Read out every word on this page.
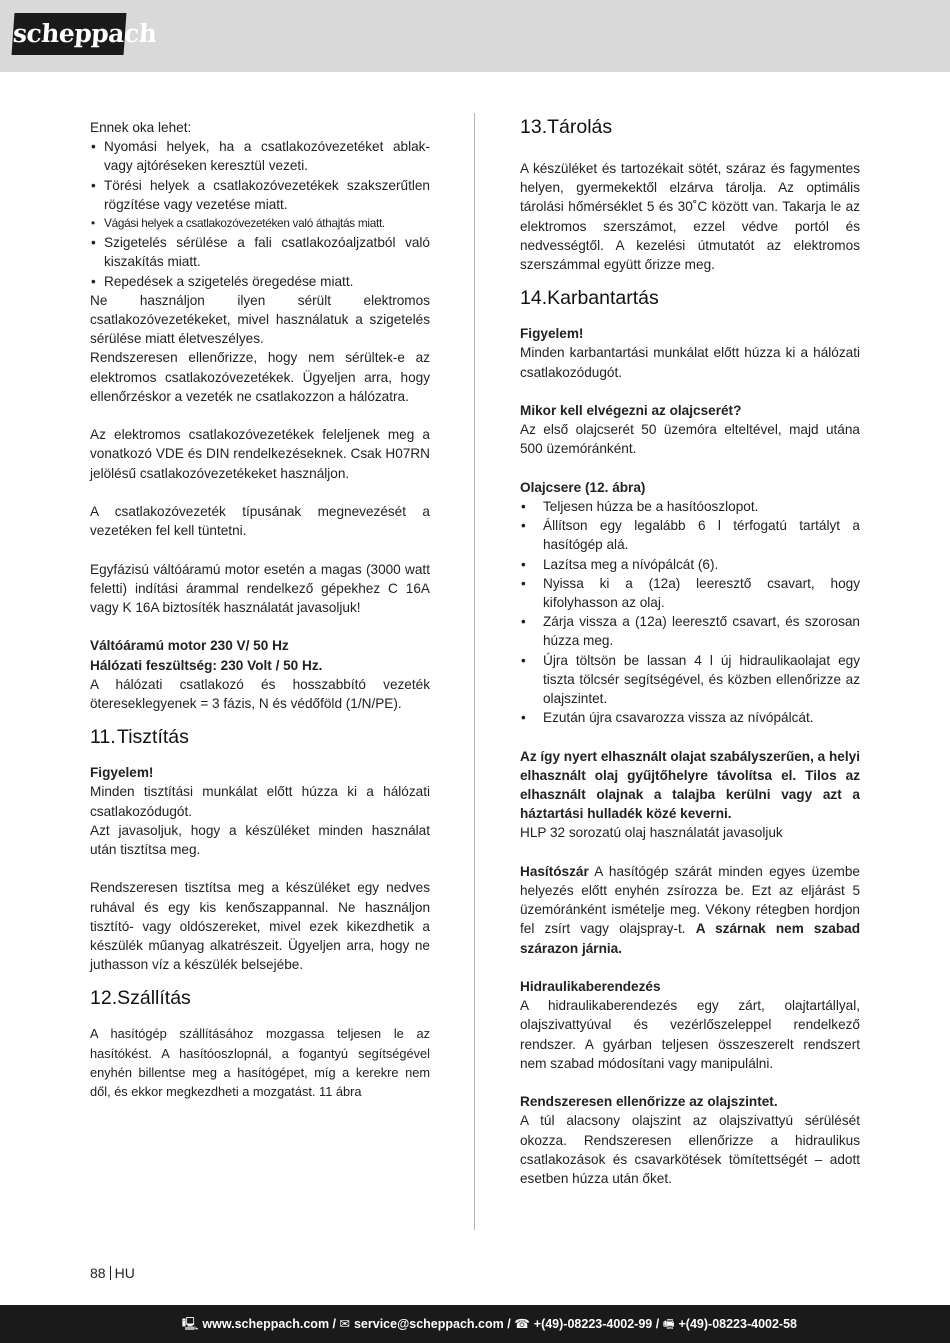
scheppach

Ennek oka lehet:

• Nyomási helyek, ha a csatlakozóvezetéket ablak- vagy ajtóréseken keresztül vezeti.
• Törési helyek a csatlakozóvezetékek szakszerűtlen rögzítése vagy vezetése miatt.
• Vágási helyek a csatlakozóvezetéken való áthajtás miatt.
• Szigetelés sérülése a fali csatlakozóaljzatból való kiszakítás miatt.
• Repedések a szigetelés öregedése miatt.

Ne használjon ilyen sérült elektromos csatlakozóvezetékeket, mivel használatuk a szigetelés sérülése miatt életveszélyes.

Rendszeresen ellenőrizze, hogy nem sérültek-e az elektromos csatlakozóvezetékek. Ügyeljen arra, hogy ellenőrzéskor a vezeték ne csatlakozzon a hálózatra.

Az elektromos csatlakozóvezetékek feleljenek meg a vonatkozó VDE és DIN rendelkezéseknek. Csak H07RN jelölésű csatlakozóvezetékeket használjon.

A csatlakozóvezeték típusának megnevezését a vezetéken fel kell tüntetni.

Egyfázisú váltóáramú motor esetén a magas (3000 watt feletti) indítási árammal rendelkező gépekhez C 16A vagy K 16A biztosíték használatát javasoljuk!

Váltóáramú motor 230 V/ 50 Hz

Hálózati feszültség: 230 Volt / 50 Hz.

A hálózati csatlakozó és hosszabbító vezeték ötereseklegyenek = 3 fázis, N és védőföld (1/N/PE).

11.Tisztítás

Figyelem!

Minden tisztítási munkálat előtt húzza ki a hálózati csatlakozódugót.

Azt javasoljuk, hogy a készüléket minden használat után tisztítsa meg.

Rendszeresen tisztítsa meg a készüléket egy nedves ruhával és egy kis kenőszappannal. Ne használjon tisztító- vagy oldószereket, mivel ezek kikezdhetik a készülék műanyag alkatrészeit. Ügyeljen arra, hogy ne juthasson víz a készülék belsejébe.

12.Szállítás

A hasítógép szállításához mozgassa teljesen le az hasítókést. A hasítóoszlopnál, a fogantyú segítségével enyhén billentse meg a hasítógépet, míg a kerekre nem dől, és ekkor megkezdheti a mozgatást. 11 ábra

13.Tárolás

A készüléket és tartozékait sötét, száraz és fagymentes helyen, gyermekektől elzárva tárolja. Az optimális tárolási hőmérséklet 5 és 30˚C között van. Takarja le az elektromos szerszámot, ezzel védve portól és nedvességtől. A kezelési útmutatót az elektromos szerszámmal együtt őrizze meg.

14.Karbantartás

Figyelem!

Minden karbantartási munkálat előtt húzza ki a hálózati csatlakozódugót.

Mikor kell elvégezni az olajcserét?

Az első olajcserét 50 üzemóra elteltével, majd utána 500 üzemóránként.

Olajcsere (12. ábra)

• Teljesen húzza be a hasítóoszlopot.
• Állítson egy legalább 6 l térfogatú tartályt a hasítógép alá.
• Lazítsa meg a nívópálcát (6).
• Nyissa ki a (12a) leeresztő csavart, hogy kifolyhasson az olaj.
• Zárja vissza a (12a) leeresztő csavart, és szorosan húzza meg.
• Újra töltsön be lassan 4 l új hidraulikaolajat egy tiszta tölcsér segítségével, és közben ellenőrizze az olajszintet.
• Ezután újra csavarozza vissza az nívópálcát.

Az így nyert elhasznált olajat szabályszerűen, a helyi elhasznált olaj gyűjtőhelyre távolítsa el. Tilos az elhasznált olajnak a talajba kerülni vagy azt a háztartási hulladék közé keverni.

HLP 32 sorozatú olaj használatát javasoljuk

Hasítószár A hasítógép szárát minden egyes üzembe helyezés előtt enyhén zsírozza be. Ezt az eljárást 5 üzemóránként ismételje meg. Vékony rétegben hordjon fel zsírt vagy olajspray-t. A szárnak nem szabad szárazon járnia.

Hidraulikaberendezés

A hidraulikaberendezés egy zárt, olajtartállyal, olajszivattyúval és vezérlőszeleppel rendelkező rendszer. A gyárban teljesen összeszerelt rendszert nem szabad módosítani vagy manipulálni.

Rendszeresen ellenőrizze az olajszintet.

A túl alacsony olajszint az olajszivattyú sérülését okozza. Rendszeresen ellenőrizze a hidraulikus csatlakozások és csavarkötések tömítettségét – adott esetben húzza után őket.

88 HU
🖳 www.scheppach.com / ✉ service@scheppach.com / ☎ +(49)-08223-4002-99 / 🖷 +(49)-08223-4002-58
